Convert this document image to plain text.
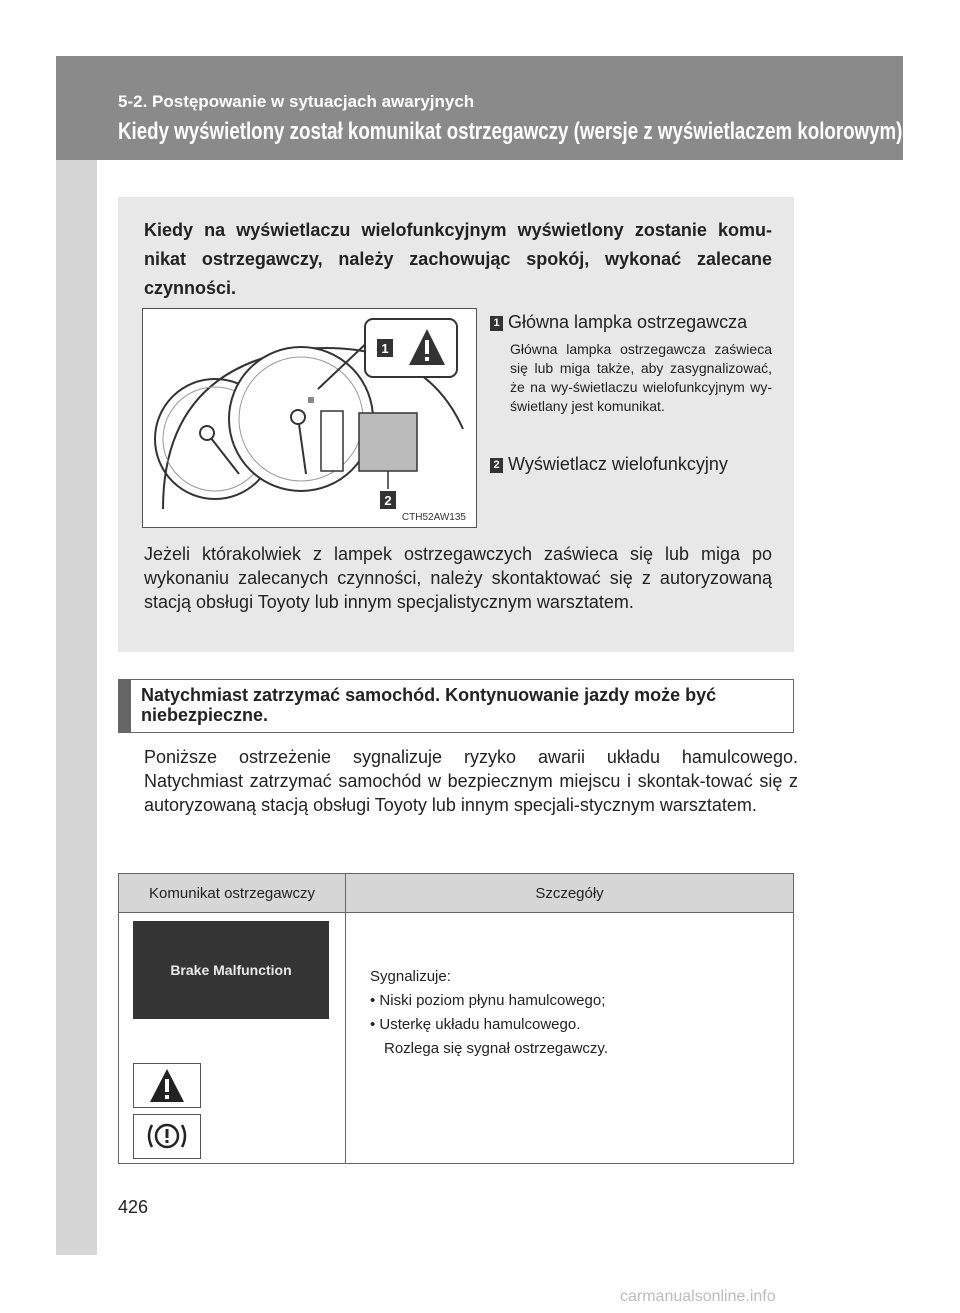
5-2. Postępowanie w sytuacjach awaryjnych
Kiedy wyświetlony został komunikat ostrzegawczy (wersje z wyświetlaczem kolorowym)
Kiedy na wyświetlaczu wielofunkcyjnym wyświetlony zostanie komu-nikat ostrzegawczy, należy zachowując spokój, wykonać zalecane czynności.
1
2
CTH52AW135
1 Główna lampka ostrzegawcza
Główna lampka ostrzegawcza zaświeca się lub miga także, aby zasygnalizować, że na wy-świetlaczu wielofunkcyjnym wy-świetlany jest komunikat.
2 Wyświetlacz wielofunkcyjny
Jeżeli którakolwiek z lampek ostrzegawczych zaświeca się lub miga po wykonaniu zalecanych czynności, należy skontaktować się z autoryzowaną stacją obsługi Toyoty lub innym specjalistycznym warsztatem.
Natychmiast zatrzymać samochód. Kontynuowanie jazdy może być niebezpieczne.
Poniższe ostrzeżenie sygnalizuje ryzyko awarii układu hamulcowego. Natychmiast zatrzymać samochód w bezpiecznym miejscu i skontak-tować się z autoryzowaną stacją obsługi Toyoty lub innym specjali-stycznym warsztatem.
Komunikat ostrzegawczy	Szczegóły

Brake Malfunction	Sygnalizuje:
• Niski poziom płynu hamulcowego;
• Usterkę układu hamulcowego.
Rozlega się sygnał ostrzegawczy.
426
carmanualsonline.info
